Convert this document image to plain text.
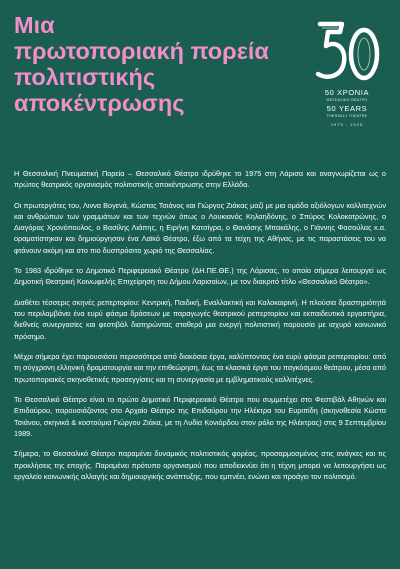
Μια
πρωτοποριακή πορεία
πολιτιστικής
αποκέντρωσης
50
50 ΧΡΟΝΙΑ
ΘΕΣΣΑΛΙΚΟ ΘΕΑΤΡΟ
50 YEARS
THESSALY THEATRE
1975 - 2025

Η Θεσσαλική Πνευματική Πορεία – Θεσσαλικό Θέατρο ιδρύθηκε το 1975 στη Λάρισα και αναγνωρίζεται ως ο πρώτος θεατρικός οργανισμός πολιτιστικής αποκέντρωσης στην Ελλάδα.

Οι πρωτεργάτες του, Λιννα Βογενά, Κώστας Τσιάνος και Γιώργος Ζιάκας μαζί με μια ομάδα αξιόλογων καλλιτεχνών και ανθρώπων των γραμμάτων και των τεχνών όπως ο Λουκιανός Κηλαηδόνης, ο Σπύρος Κολοκοτρώνης, ο Διαγόρας Χρονόπουλος, ο Βασίλης Λιάπης, η Ειρήνη Κατσίγρα, ο Θανάσης Μπακάλης, ο Γιάννης Φασούλας κ.α. οραματίστηκαν και δημιούργησαν ένα Λαϊκό Θέατρο, έξω από τα τείχη της Αθήνας, με τις παραστάσεις του να φτάνουν ακόμη και στο πιο δυσπρόσιτο χωριό της Θεσσαλίας.

Το 1983 ιδρύθηκε το Δημοτικό Περιφερειακό Θέατρο (ΔΗ.ΠΕ.ΘΕ.) της Λάρισας, το οποίο σήμερα λειτουργεί ως Δημοτική Θεατρική Κοινωφελής Επιχείρηση του Δήμου Λαρισαίων, με τον διακριτό τίτλο «Θεσσαλικό Θέατρο».

Διαθέτει τέσσερις σκηνές ρεπερτορίου: Κεντρική, Παιδική, Εναλλακτική και Καλοκαιρινή. Η πλούσια δραστηριότητά του περιλαμβάνει ένα ευρύ φάσμα δράσεων με παραγωγές θεατρικού ρεπερτορίου και εκπαιδευτικά εργαστήρια, διεθνείς συνεργασίες και φεστιβάλ διατηρώντας σταθερά μια ενεργή πολιτιστική παρουσία με ισχυρό κοινωνικό πρόσημο.

Μέχρι σήμερα έχει παρουσιάσει περισσότερα από διακόσια έργα, καλύπτοντας ένα ευρύ φάσμα ρεπερτορίου: από τη σύγχρονη ελληνική δραματουργία και την επιθεώρηση, έως τα κλασικά έργα του παγκόσμιου θεάτρου, μέσα από πρωτοποριακές σκηνοθετικές προσεγγίσεις και τη συνεργασία με εμβληματικούς καλλιτέχνες.

Το Θεσσαλικό Θέατρο είναι το πρώτο Δημοτικό Περιφερειακό Θέατρο που συμμετέχει στο Φεστιβάλ Αθηνών και Επιδαύρου, παρουσιάζοντας στο Αρχαίο Θέατρο της Επιδαύρου την Ηλέκτρα του Ευριπίδη (σκηνοθεσία Κώστα Τσιάνου, σκηνικά & κοστούμια Γιώργου Ζιάκα, με τη Λυδία Κονιόρδου στον ρόλο της Ηλέκτρας) στις 9 Σεπτεμβρίου 1989.

Σήμερα, το Θεσσαλικό Θέατρο παραμένει δυναμικός πολιτιστικός φορέας, προσαρμοσμένος στις ανάγκες και τις προκλήσεις της εποχής. Παραμένει πρότυπο οργανισμού που αποδεικνύει ότι η τέχνη μπορεί να λειτουργήσει ως εργαλείο κοινωνικής αλλαγής και δημιουργικής ανάπτυξης, που εμπνέει, ενώνει και προάγει τον πολιτισμό.
